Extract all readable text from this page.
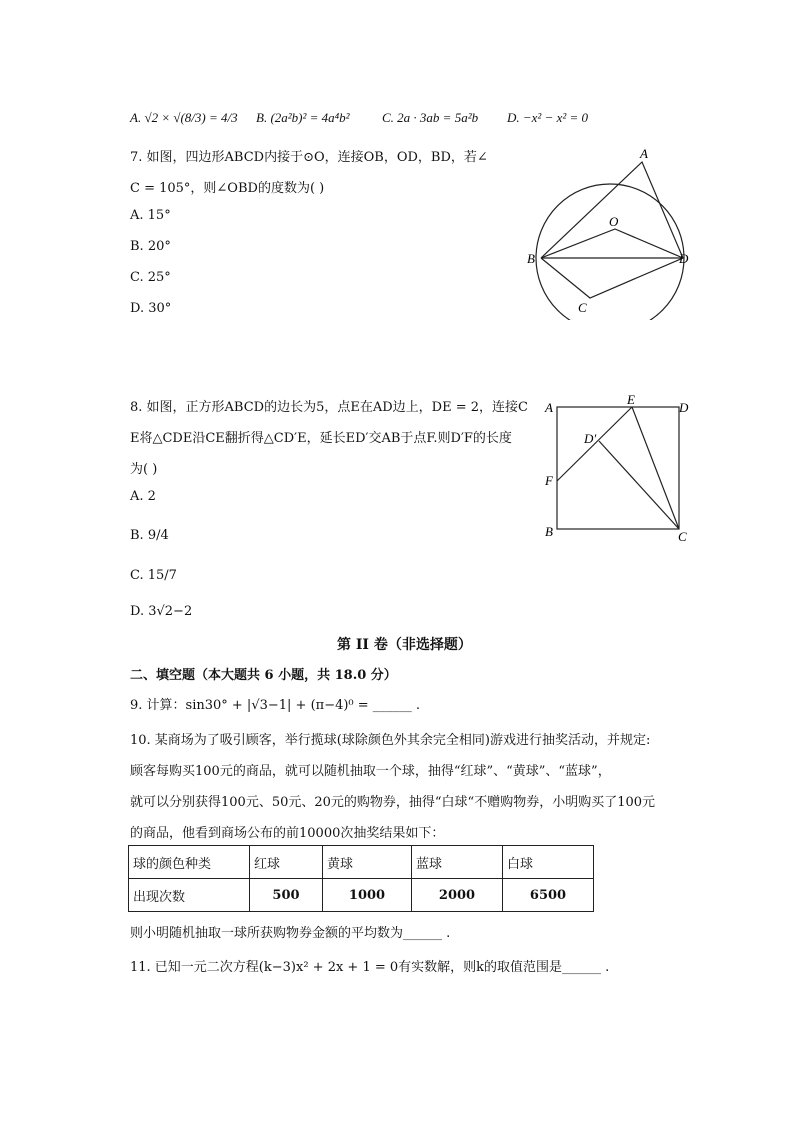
A. √2 × √(8/3) = 4/3 B. (2a²b)² = 4a⁴b² C. 2a · 3ab = 5a²b D. −x² − x² = 0
7. 如图，四边形ABCD内接于⊙O，连接OB，OD，BD，若∠
C = 105°，则∠OBD的度数为( )
A. 15°
B. 20°
C. 25°
D. 30°
A
B
C
D
O
8. 如图，正方形ABCD的边长为5，点E在AD边上，DE = 2，连接C
E将△CDE沿CE翻折得△CD′E，延长ED′交AB于点F.则D′F的长度
为( )
A. 2
B. 9/4
C. 15/7
D. 3√2−2
A
B	C
D
E
F
D′
第 II 卷（非选择题）
二、填空题（本大题共 6 小题，共 18.0 分）
9. 计算：sin30° + |√3−1| + (π−4)⁰ = ______ .
10. 某商场为了吸引顾客，举行揽球(球除颜色外其余完全相同)游戏进行抽奖活动，并规定:
顾客每购买100元的商品，就可以随机抽取一个球，抽得“红球”、“黄球”、“蓝球”，
就可以分别获得100元、50元、20元的购物券，抽得“白球“不赠购物券，小明购买了100元
的商品，他看到商场公布的前10000次抽奖结果如下：
球的颜色种类	红球	黄球	蓝球	白球
出现次数	500	1000	2000	6500
则小明随机抽取一球所获购物券金额的平均数为______ .
11. 已知一元二次方程(k−3)x² + 2x + 1 = 0有实数解，则k的取值范围是______ .
